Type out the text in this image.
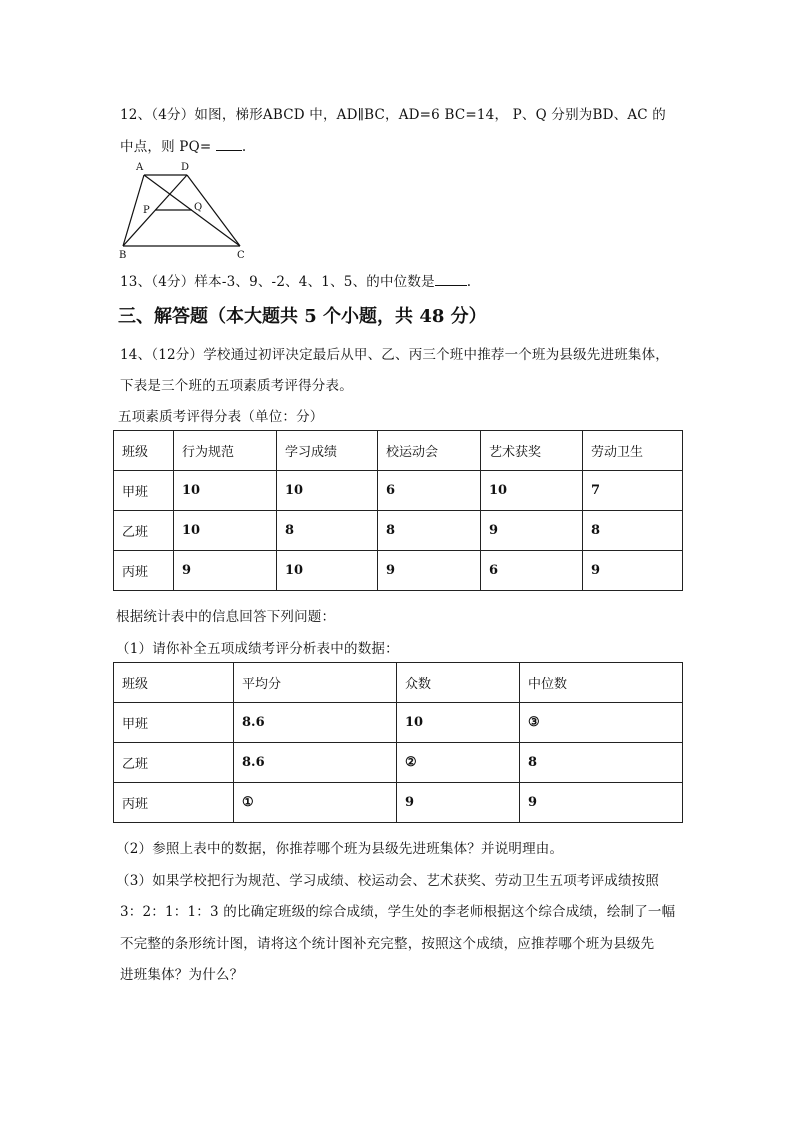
12、（4分）如图，梯形ABCD 中，AD∥BC，AD=6 BC=14， P、Q 分别为BD、AC 的
中点，则 PQ= .
A	D
P	Q
B	C
13、（4分）样本-3、9、-2、4、1、5、的中位数是 .
三、解答题（本大题共 5 个小题，共 48 分）
14、（12分）学校通过初评决定最后从甲、乙、丙三个班中推荐一个班为县级先进班集体，
下表是三个班的五项素质考评得分表。
五项素质考评得分表（单位：分）
班级	行为规范	学习成绩	校运动会	艺术获奖	劳动卫生
甲班	10	10	6	10	7
乙班	10	8	8	9	8
丙班	9	10	9	6	9
根据统计表中的信息回答下列问题：
（1）请你补全五项成绩考评分析表中的数据：
班级	平均分	众数	中位数
甲班	8.6	10	③
乙班	8.6	②	8
丙班	①	9	9
（2）参照上表中的数据，你推荐哪个班为县级先进班集体？并说明理由。
（3）如果学校把行为规范、学习成绩、校运动会、艺术获奖、劳动卫生五项考评成绩按照
3：2：1：1：3 的比确定班级的综合成绩，学生处的李老师根据这个综合成绩，绘制了一幅
不完整的条形统计图，请将这个统计图补充完整，按照这个成绩，应推荐哪个班为县级先
进班集体？为什么？
